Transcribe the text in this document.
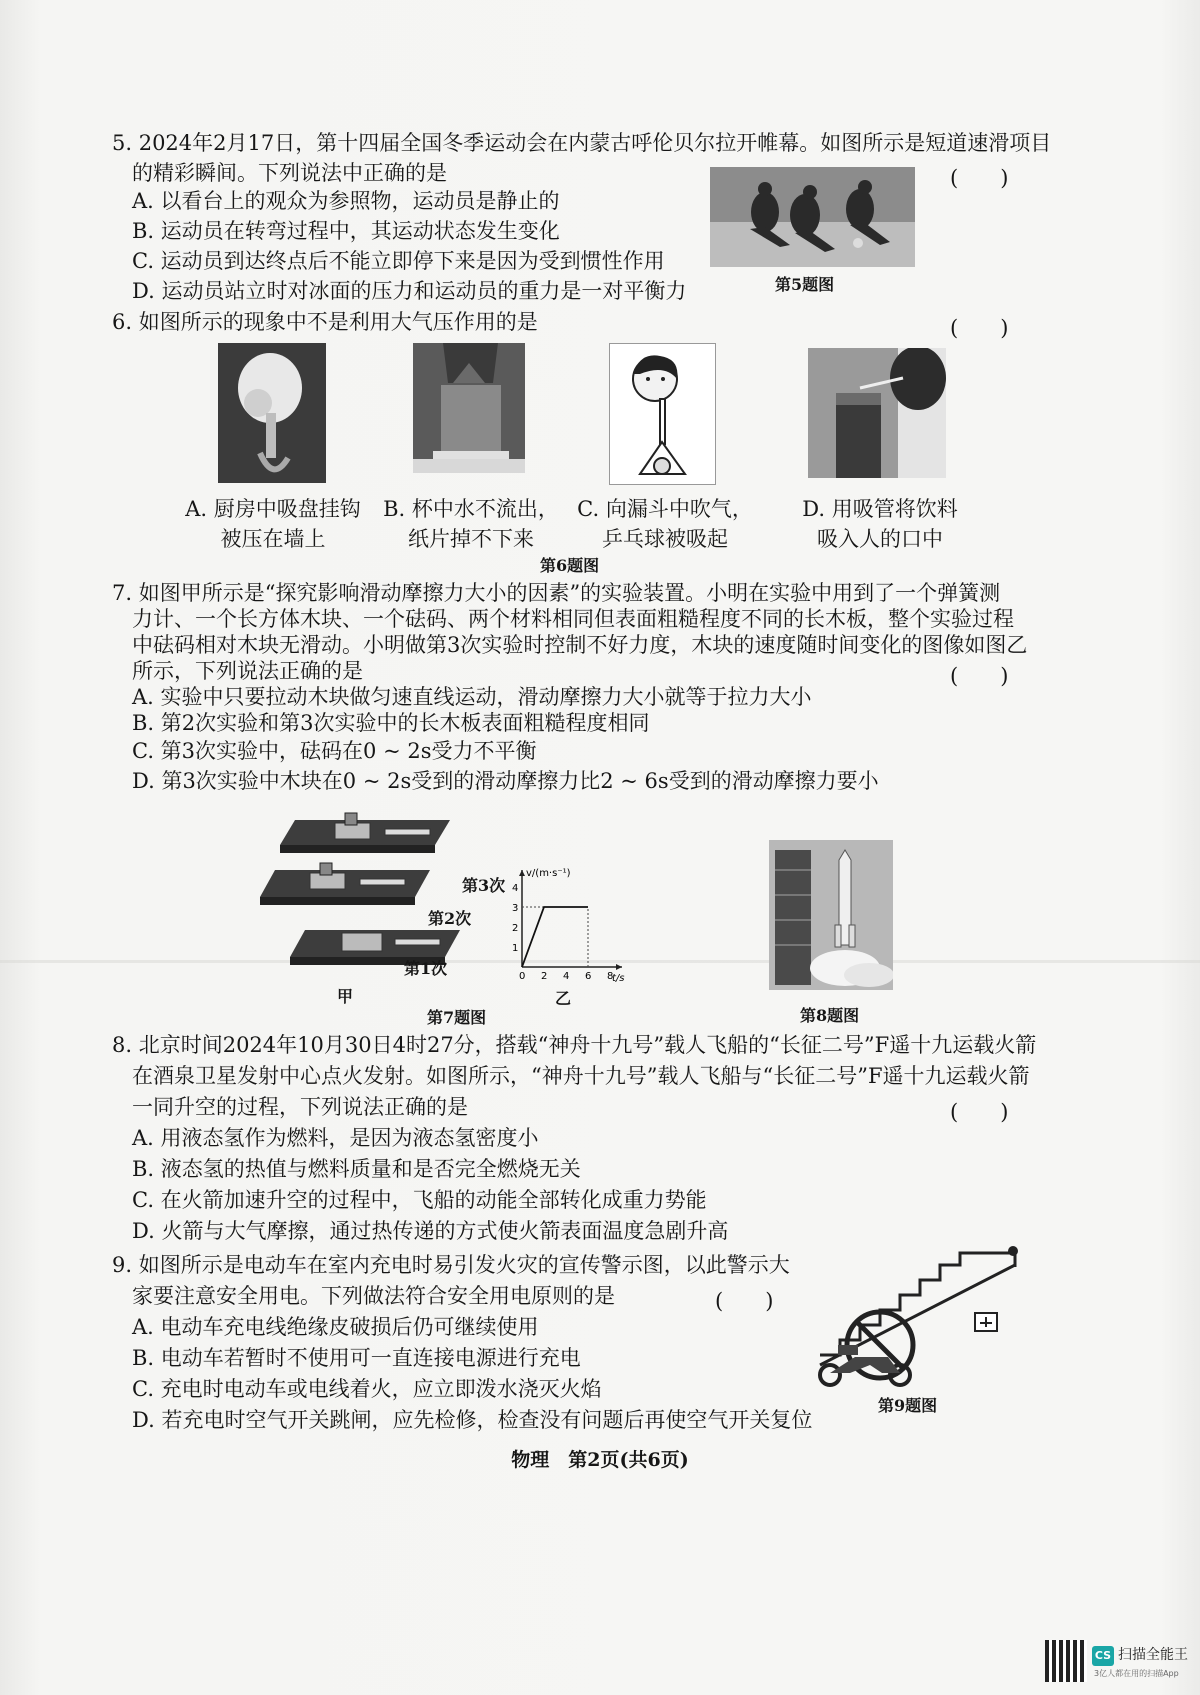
5. 2024年2月17日，第十四届全国冬季运动会在内蒙古呼伦贝尔拉开帷幕。如图所示是短道速滑项目
的精彩瞬间。下列说法中正确的是	(　　)
A. 以看台上的观众为参照物，运动员是静止的
B. 运动员在转弯过程中，其运动状态发生变化
C. 运动员到达终点后不能立即停下来是因为受到惯性作用
D. 运动员站立时对冰面的压力和运动员的重力是一对平衡力	第5题图
6. 如图所示的现象中不是利用大气压作用的是	(　　)
A. 厨房中吸盘挂钩
被压在墙上
B. 杯中水不流出，
纸片掉不下来
C. 向漏斗中吹气，
乒乓球被吸起
D. 用吸管将饮料
吸入人的口中
第6题图
7. 如图甲所示是“探究影响滑动摩擦力大小的因素”的实验装置。小明在实验中用到了一个弹簧测
力计、一个长方体木块、一个砝码、两个材料相同但表面粗糙程度不同的长木板，整个实验过程
中砝码相对木块无滑动。小明做第3次实验时控制不好力度，木块的速度随时间变化的图像如图乙
所示，下列说法正确的是	(　　)
A. 实验中只要拉动木块做匀速直线运动，滑动摩擦力大小就等于拉力大小
B. 第2次实验和第3次实验中的长木板表面粗糙程度相同
C. 第3次实验中，砝码在0 ~ 2s受力不平衡
D. 第3次实验中木块在0 ~ 2s受到的滑动摩擦力比2 ~ 6s受到的滑动摩擦力要小
第3次
第2次
第1次
甲
v/(m·s⁻¹)
t/s
0 2 4 6 8
1
2
3
4
乙
第7题图	第8题图
8. 北京时间2024年10月30日4时27分，搭载“神舟十九号”载人飞船的“长征二号”F遥十九运载火箭
在酒泉卫星发射中心点火发射。如图所示，“神舟十九号”载人飞船与“长征二号”F遥十九运载火箭
一同升空的过程，下列说法正确的是	(　　)
A. 用液态氢作为燃料，是因为液态氢密度小
B. 液态氢的热值与燃料质量和是否完全燃烧无关
C. 在火箭加速升空的过程中，飞船的动能全部转化成重力势能
D. 火箭与大气摩擦，通过热传递的方式使火箭表面温度急剧升高
9. 如图所示是电动车在室内充电时易引发火灾的宣传警示图，以此警示大
家要注意安全用电。下列做法符合安全用电原则的是	(　　)
A. 电动车充电线绝缘皮破损后仍可继续使用
B. 电动车若暂时不使用可一直连接电源进行充电
C. 充电时电动车或电线着火，应立即泼水浇灭火焰
D. 若充电时空气开关跳闸，应先检修，检查没有问题后再使空气开关复位
第9题图
物理　第2页(共6页)
CS 扫描全能王
3亿人都在用的扫描App
